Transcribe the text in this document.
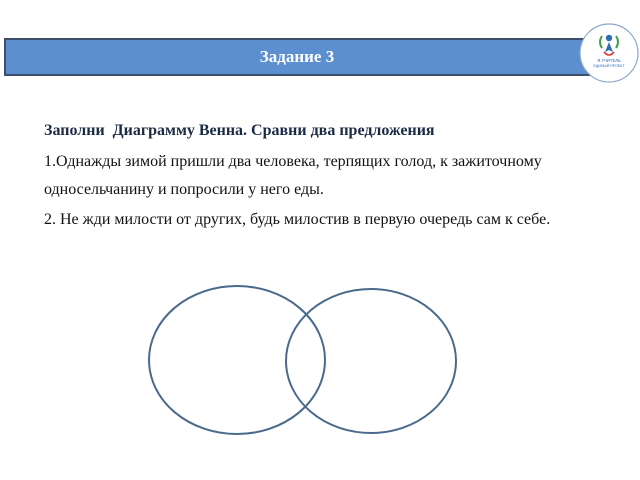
Задание 3	Я УЧИТЕЛЬ
ЕДИНЫЙ ПРОЕКТ

Заполни  Диаграмму Венна. Сравни два предложения

1.Однажды зимой пришли два человека, терпящих голод, к зажиточному односельчанину и попросили у него еды.

2. Не жди милости от других, будь милостив в первую очередь сам к себе.
